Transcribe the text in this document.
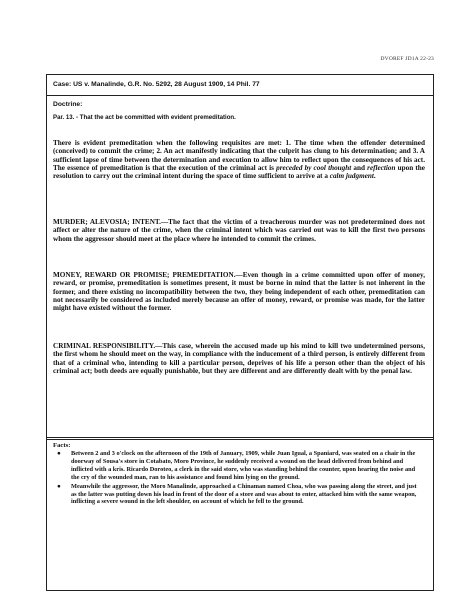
DVOREF JD1A 22-23
Case: US v. Manalinde, G.R. No. 5292, 28 August 1909, 14 Phil. 77
Doctrine:
Par. 13. - That the act be committed with evident premeditation.
There is evident premeditation when the following requisites are met: 1. The time when the offender determined (conceived) to commit the crime; 2. An act manifestly indicating that the culprit has clung to his determination; and 3. A sufficient lapse of time between the determination and execution to allow him to reflect upon the consequences of his act. The essence of premeditation is that the execution of the criminal act is preceded by cool thought and reflection upon the resolution to carry out the criminal intent during the space of time sufficient to arrive at a calm judgment.
MURDER; ALEVOSIA; INTENT.—The fact that the victim of a treacherous murder was not predetermined does not affect or alter the nature of the crime, when the criminal intent which was carried out was to kill the first two persons whom the aggressor should meet at the place where he intended to commit the crimes.
MONEY, REWARD OR PROMISE; PREMEDITATION.—Even though in a crime committed upon offer of money, reward, or promise, premeditation is sometimes present, it must be borne in mind that the latter is not inherent in the former, and there existing no incompatibility between the two, they being independent of each other, premeditation can not necessarily be considered as included merely because an offer of money, reward, or promise was made, for the latter might have existed without the former.
CRIMINAL RESPONSIBILITY.—This case, wherein the accused made up his mind to kill two undetermined persons, the first whom he should meet on the way, in compliance with the inducement of a third person, is entirely different from that of a criminal who, intending to kill a particular person, deprives of his life a person other than the object of his criminal act; both deeds are equally punishable, but they are different and are differently dealt with by the penal law.
Facts:
● Between 2 and 3 o'clock on the afternoon of the 19th of January, 1909, while Juan Igual, a Spaniard, was seated on a chair in the doorway of Sousa's store in Cotabato, Moro Province, he suddenly received a wound on the head delivered from behind and inflicted with a kris. Ricardo Doroteo, a clerk in the said store, who was standing behind the counter, upon hearing the noise and the cry of the wounded man, ran to his assistance and found him lying on the ground.
● Meanwhile the aggressor, the Moro Manalinde, approached a Chinaman named Choa, who was passing along the street, and just as the latter was putting down his load in front of the door of a store and was about to enter, attacked him with the same weapon, inflicting a severe wound in the left shoulder, on account of which he fell to the ground.
